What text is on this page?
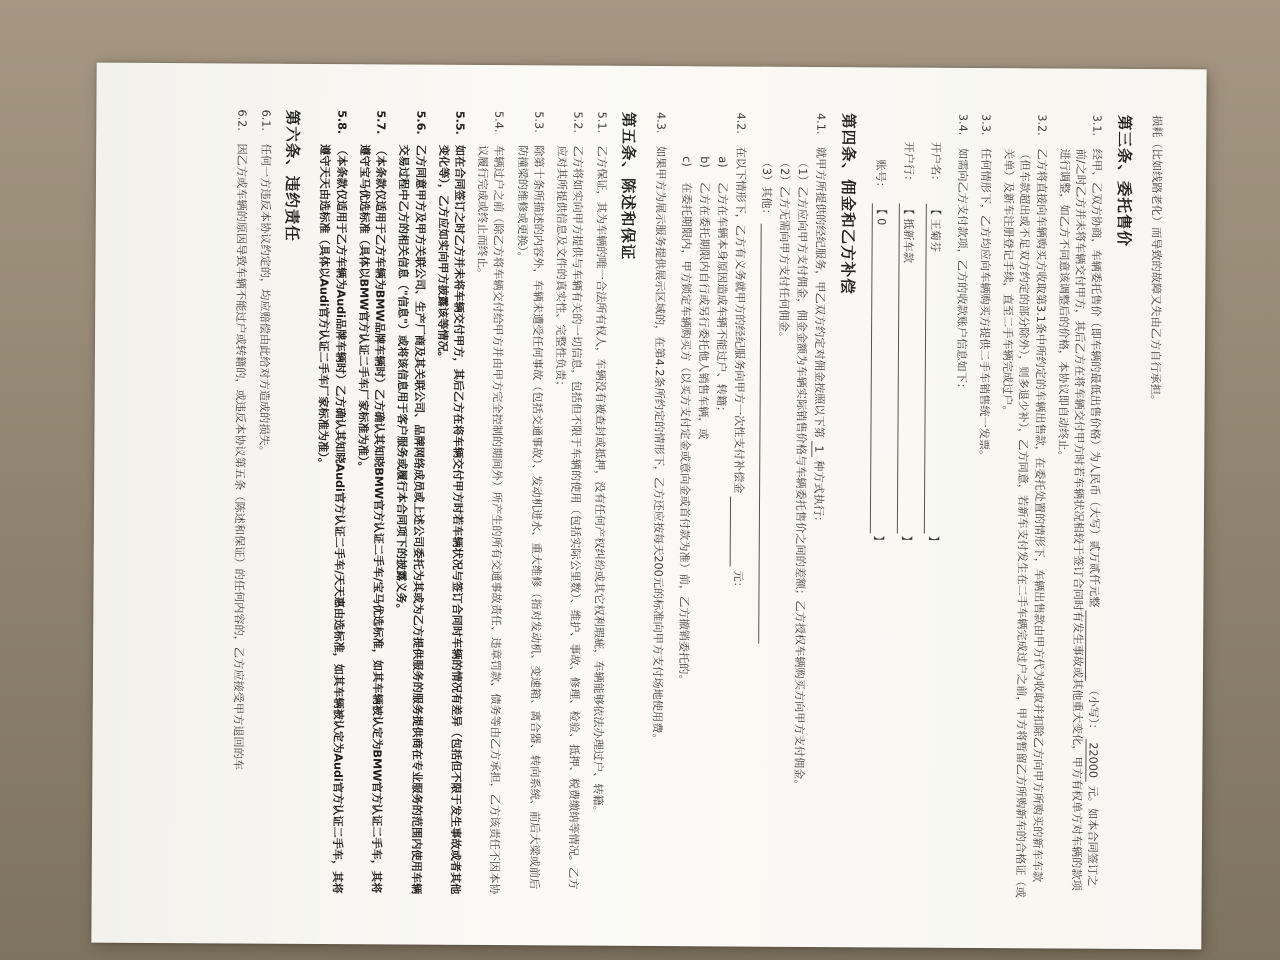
损耗（比如线路老化）而导致的故障又失由乙方自行承担。

第三条、委托售价
3.1.
经甲、乙双方协商，车辆委托售价（即车辆的最低出售价格）为人民币（大写）贰万贰仟元整  （小写）： 22000 元。如本合同签订之前/之时乙方并未将车辆交付甲方，其后乙方在将车辆交付甲方时若车辆状况相较于签订合同时有发生事故或其他重大变化，甲方有权单方对车辆的款项进行调整，如乙方不同意该调整后的价格，本协议即自动终止。
3.2.
乙方将直接向车辆购买方收取第3.1条中所约定的车辆出售款，在委托处置的情形下，车辆出售款由甲方代为收取并扣除乙方向甲方所购买的新车车款（但车款超出或不足双方约定的部分除外），则多退少补），乙方同意，若新车支付发生在二手车辆完成过户之前，甲方将暂留乙方所购新车的合格证（或关单）及新车注册登记手续，直至二手车辆完成过户。
3.3.
任何情形下，乙方均应向车辆购买方提供二手车销售统一发票。
3.4.
如需向乙方支付款项，乙方的收款账户信息如下：
开户名：
【 王菊芬
】
开户行：
【 抵新车款
】
账号：
【 0
】
第四条、佣金和乙方补偿
4.1.
就甲方所提供的经纪服务，甲乙双方约定对佣金按照以下第 1 种方式执行：
（1）
乙方应向甲方支付佣金，佣金金额为车辆实际销售价格与车辆委托售价之间的差额；乙方授权车辆购买方向甲方支付佣金。
（2）
乙方无需向甲方支付任何佣金。
（3）
其他：
4.2.
在以下情形下，乙方有义务就甲方的经纪服务向甲方一次性支付补偿金  元：
a)
乙方在车辆本身原因造成车辆不能过户、转籍；
b)
乙方在委托期限内自行或另行委托他人销售车辆，或
c)
在委托期限内，甲方锁定车辆购买方（以买方支付定金或意向金或首付款为准）前，乙方撤销委托的。
4.3.
如果甲方为展示服务提供展示区域的，在第4.2条所约定的情形下，乙方还应按每天200元的标准向甲方支付场地使用费。
第五条、陈述和保证
5.1.
乙方保证，其为车辆的唯一合法所有权人，车辆没有被查封或抵押，没有任何产权纠纷或其它权利瑕疵，车辆能够依法办理过户、转籍。
5.2.
乙方将如实向甲方提供与车辆有关的一切信息，包括但不限于车辆的使用（包括实际公里数）、维护、事故、修理、检验、抵押、税费缴纳等情况。乙方应对其所提供信息及文件的真实性、完整性负责；
5.3.
除第十条所描述的内容外，车辆未遭受任何事故（包括交通事故）、发动机进水、重大维修（指对发动机、变速箱、离合器、转向系统、前后大梁或前后防撞梁的维修或更换）。
5.4.
车辆过户之前（除乙方将车辆交付给甲方并由甲方完全控制的期间外）所产生的所有交通事故责任、违章罚款、债务等由乙方承担，乙方该责任不因本协议履行完成或终止而终止。
5.5.
如在合同签订之时乙方并未将车辆交付甲方，其后乙方在将车辆交付甲方时若车辆状况与签订合同时车辆的情况有差异（包括但不限于发生事故或者其他变化等），乙方应如实向甲方披露该等情况。
5.6.
乙方同意甲方及甲方关联公司、生产厂商及其关联公司、品牌网络成员或上述公司委托为其或为乙方提供服务的服务提供商在专业服务的范围内使用车辆交易过程中乙方的相关信息（"信息"）或将该信息用于客户服务或履行本合同项下的披露义务。
5.7.
（本条款仅适用于乙方车辆为BMW品牌车辆时）乙方确认其知晓BMW官方认证二手车/宝马优选标准，如其车辆被认定为BMW官方认证二手车，其将遵守宝马优选标准（具体以BMW官方认证二手车厂家标准为准）。
5.8.
（本条款仅适用于乙方车辆为Audi品牌车辆时）乙方确认其知晓Audi官方认证二手车/天天惠由选标准，如其车辆被认定为Audi官方认证二手车，其将遵守天天由选标准（具体以Audi官方认证二手车厂家标准为准）。
第六条、违约责任
6.1.
任何一方违反本协议约定的，均应赔偿由此给对方造成的损失。
6.2.
因乙方或车辆的原因导致车辆不能过户或转籍的，或违反本协议第五条（陈述和保证）的任何内容的，乙方应接受甲方退回的车
